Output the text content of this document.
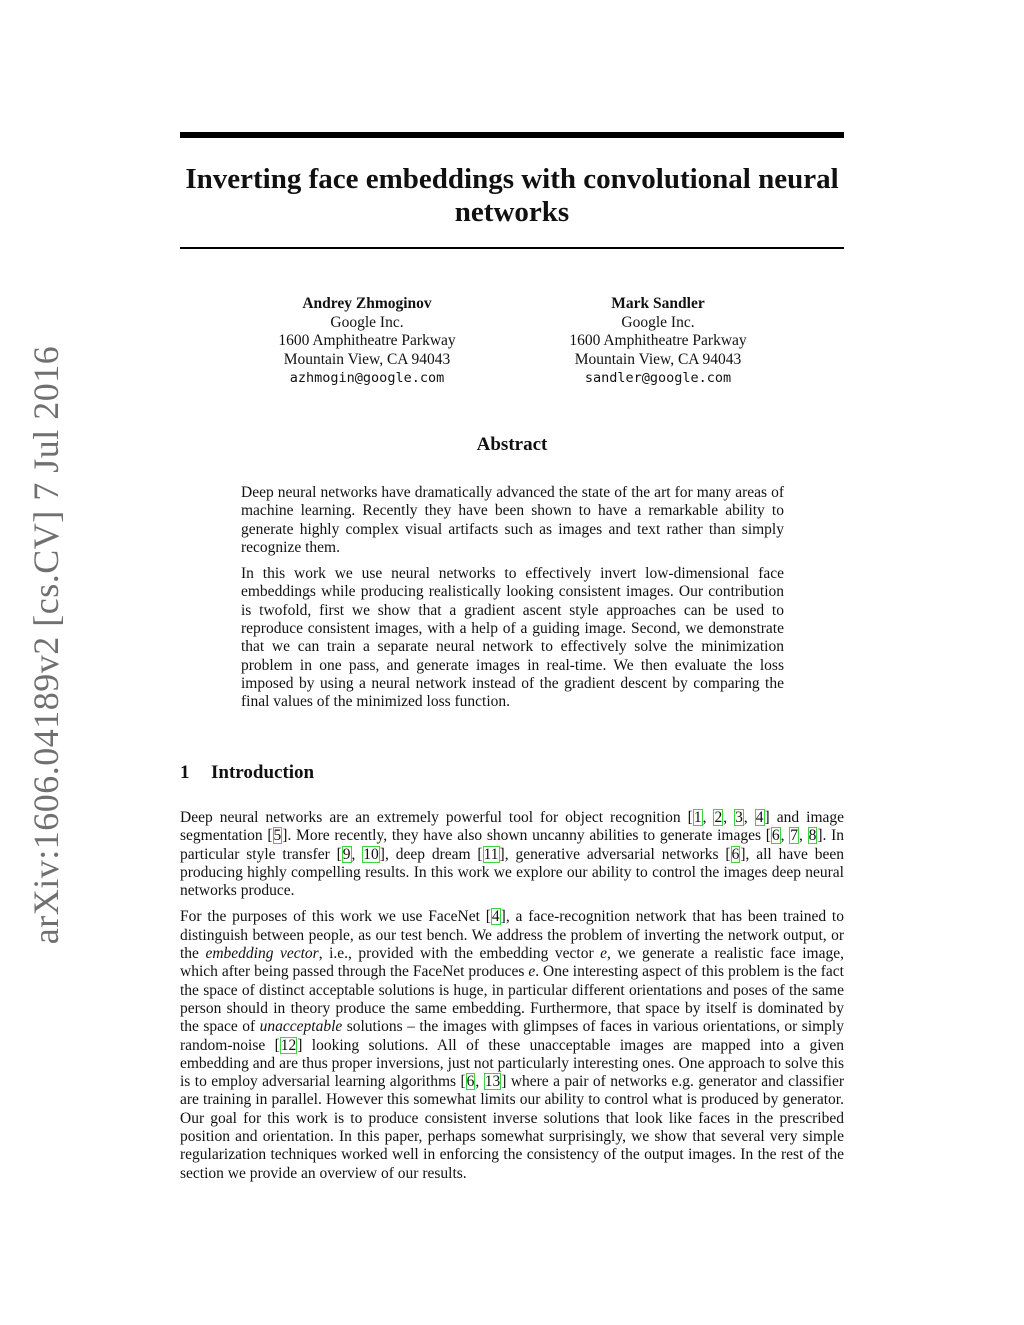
arXiv:1606.04189v2 [cs.CV] 7 Jul 2016
Inverting face embeddings with convolutional neural networks
Andrey Zhmoginov
Google Inc.
1600 Amphitheatre Parkway
Mountain View, CA 94043
azhmogin@google.com
Mark Sandler
Google Inc.
1600 Amphitheatre Parkway
Mountain View, CA 94043
sandler@google.com
Abstract

Deep neural networks have dramatically advanced the state of the art for many areas of machine learning. Recently they have been shown to have a remarkable ability to generate highly complex visual artifacts such as images and text rather than simply recognize them.

In this work we use neural networks to effectively invert low-dimensional face embeddings while producing realistically looking consistent images. Our contribution is twofold, first we show that a gradient ascent style approaches can be used to reproduce consistent images, with a help of a guiding image. Second, we demonstrate that we can train a separate neural network to effectively solve the minimization problem in one pass, and generate images in real-time. We then evaluate the loss imposed by using a neural network instead of the gradient descent by comparing the final values of the minimized loss function.

1 Introduction

Deep neural networks are an extremely powerful tool for object recognition [1, 2, 3, 4] and image segmentation [5]. More recently, they have also shown uncanny abilities to generate images [6, 7, 8]. In particular style transfer [9, 10], deep dream [11], generative adversarial networks [6], all have been producing highly compelling results. In this work we explore our ability to control the images deep neural networks produce.

For the purposes of this work we use FaceNet [4], a face-recognition network that has been trained to distinguish between people, as our test bench. We address the problem of inverting the network output, or the embedding vector, i.e., provided with the embedding vector e, we generate a realistic face image, which after being passed through the FaceNet produces e. One interesting aspect of this problem is the fact the space of distinct acceptable solutions is huge, in particular different orientations and poses of the same person should in theory produce the same embedding. Furthermore, that space by itself is dominated by the space of unacceptable solutions – the images with glimpses of faces in various orientations, or simply random-noise [12] looking solutions. All of these unacceptable images are mapped into a given embedding and are thus proper inversions, just not particularly interesting ones. One approach to solve this is to employ adversarial learning algorithms [6, 13] where a pair of networks e.g. generator and classifier are training in parallel. However this somewhat limits our ability to control what is produced by generator. Our goal for this work is to produce consistent inverse solutions that look like faces in the prescribed position and orientation. In this paper, perhaps somewhat surprisingly, we show that several very simple regularization techniques worked well in enforcing the consistency of the output images. In the rest of the section we provide an overview of our results.
